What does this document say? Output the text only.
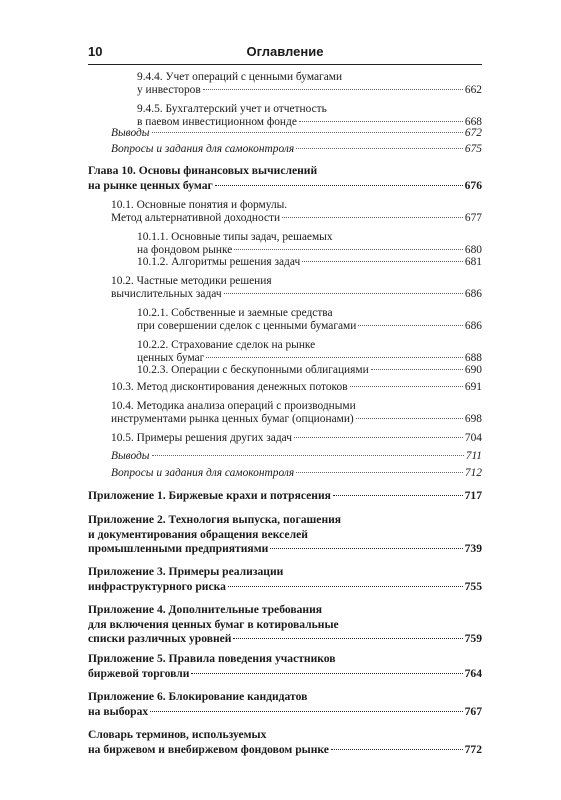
10	Оглавление
9.4.4. Учет операций с ценными бумагами
у инвесторов	662
9.4.5. Бухгалтерский учет и отчетность
в паевом инвестиционном фонде	668
Выводы	672
Вопросы и задания для самоконтроля	675
Глава 10. Основы финансовых вычислений
на рынке ценных бумаг	676
10.1. Основные понятия и формулы.
Метод альтернативной доходности	677
10.1.1. Основные типы задач, решаемых
на фондовом рынке	680
10.1.2. Алгоритмы решения задач	681
10.2. Частные методики решения
вычислительных задач	686
10.2.1. Собственные и заемные средства
при совершении сделок с ценными бумагами	686
10.2.2. Страхование сделок на рынке
ценных бумаг	688
10.2.3. Операции с бескупонными облигациями	690
10.3. Метод дисконтирования денежных потоков	691
10.4. Методика анализа операций с производными
инструментами рынка ценных бумаг (опционами)	698
10.5. Примеры решения других задач	704
Выводы	711
Вопросы и задания для самоконтроля	712
Приложение 1. Биржевые крахи и потрясения	717
Приложение 2. Технология выпуска, погашения
и документирования обращения векселей
промышленными предприятиями	739
Приложение 3. Примеры реализации
инфраструктурного риска	755
Приложение 4. Дополнительные требования
для включения ценных бумаг в котировальные
списки различных уровней	759
Приложение 5. Правила поведения участников
биржевой торговли	764
Приложение 6. Блокирование кандидатов
на выборах	767
Словарь терминов, используемых
на биржевом и внебиржевом фондовом рынке	772
